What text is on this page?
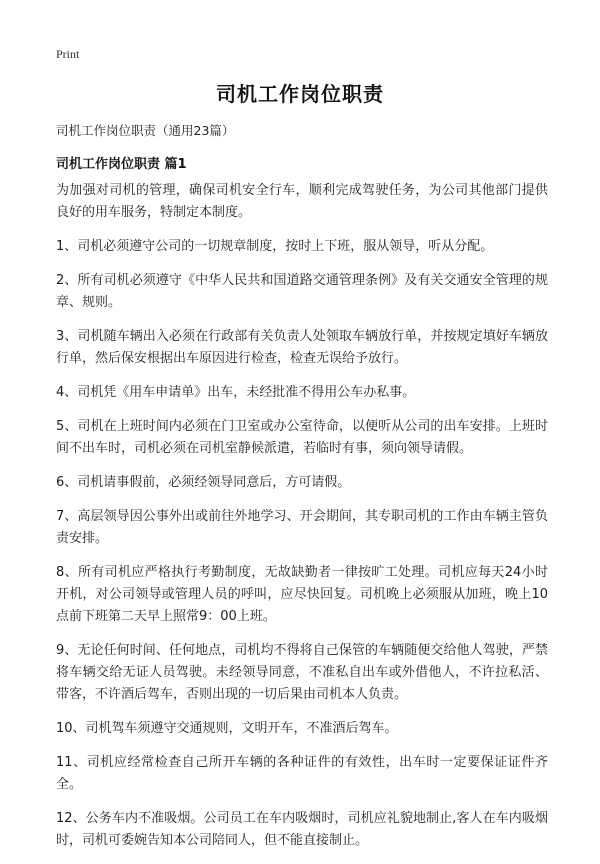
Print
司机工作岗位职责
司机工作岗位职责（通用23篇）
司机工作岗位职责 篇1

为加强对司机的管理，确保司机安全行车，顺利完成驾驶任务，为公司其他部门提供良好的用车服务，特制定本制度。

1、司机必须遵守公司的一切规章制度，按时上下班，服从领导，听从分配。

2、所有司机必须遵守《中华人民共和国道路交通管理条例》及有关交通安全管理的规章、规则。

3、司机随车辆出入必须在行政部有关负责人处领取车辆放行单，并按规定填好车辆放行单，然后保安根据出车原因进行检查，检查无误给予放行。

4、司机凭《用车申请单》出车，未经批准不得用公车办私事。

5、司机在上班时间内必须在门卫室或办公室待命，以便听从公司的出车安排。上班时间不出车时，司机必须在司机室静候派遣，若临时有事，须向领导请假。

6、司机请事假前，必须经领导同意后，方可请假。

7、高层领导因公事外出或前往外地学习、开会期间，其专职司机的工作由车辆主管负责安排。

8、所有司机应严格执行考勤制度，无故缺勤者一律按旷工处理。司机应每天24小时开机，对公司领导或管理人员的呼叫，应尽快回复。司机晚上必须服从加班，晚上10点前下班第二天早上照常9：00上班。

9、无论任何时间、任何地点，司机均不得将自己保管的车辆随便交给他人驾驶，严禁将车辆交给无证人员驾驶。未经领导同意，不准私自出车或外借他人，不许拉私活、带客，不许酒后驾车，否则出现的一切后果由司机本人负责。

10、司机驾车须遵守交通规则，文明开车，不准酒后驾车。

11、司机应经常检查自己所开车辆的各种证件的有效性，出车时一定要保证证件齐全。

12、公务车内不准吸烟。公司员工在车内吸烟时，司机应礼貌地制止,客人在车内吸烟时，司机可委婉告知本公司陪同人，但不能直接制止。
